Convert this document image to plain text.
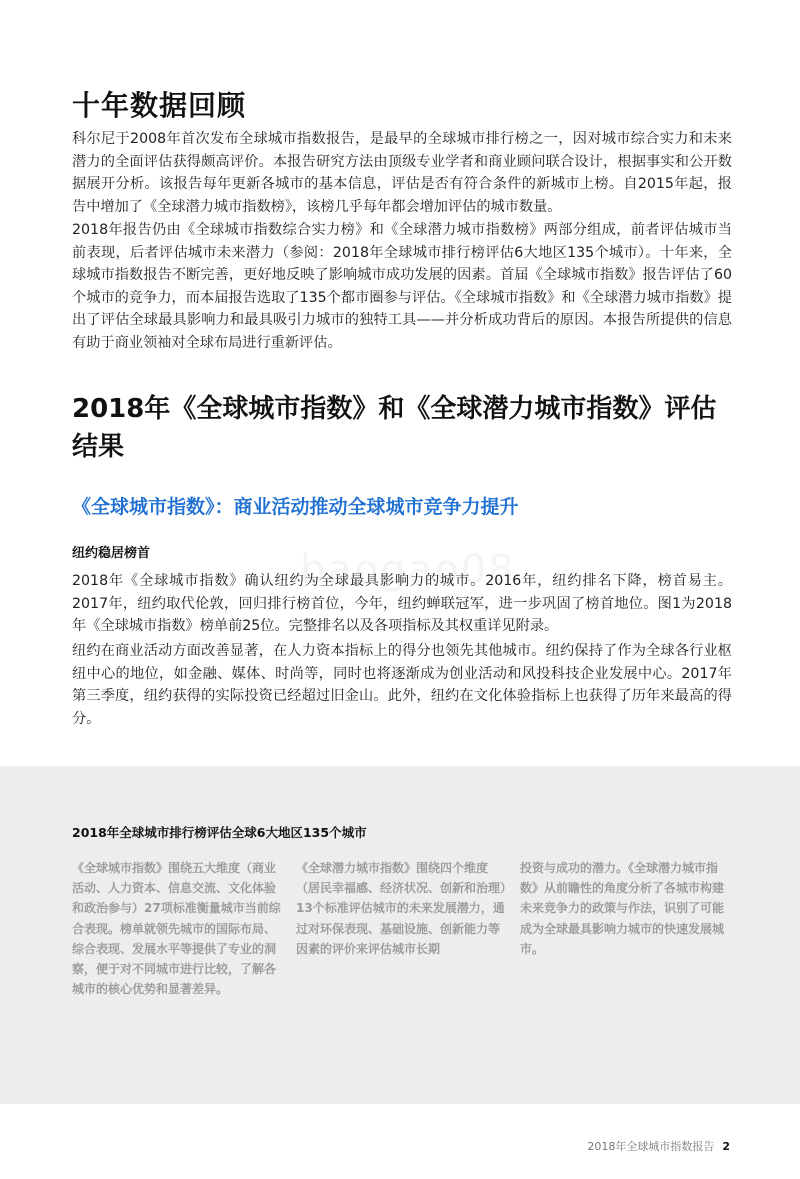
十年数据回顾

科尔尼于2008年首次发布全球城市指数报告，是最早的全球城市排行榜之一，因对城市综合实力和未来潜力的全面评估获得颇高评价。本报告研究方法由顶级专业学者和商业顾问联合设计，根据事实和公开数据展开分析。该报告每年更新各城市的基本信息，评估是否有符合条件的新城市上榜。自2015年起，报告中增加了《全球潜力城市指数榜》，该榜几乎每年都会增加评估的城市数量。

2018年报告仍由《全球城市指数综合实力榜》和《全球潜力城市指数榜》两部分组成，前者评估城市当前表现，后者评估城市未来潜力（参阅：2018年全球城市排行榜评估6大地区135个城市）。十年来，全球城市指数报告不断完善，更好地反映了影响城市成功发展的因素。首届《全球城市指数》报告评估了60个城市的竞争力，而本届报告选取了135个都市圈参与评估。《全球城市指数》和《全球潜力城市指数》提出了评估全球最具影响力和最具吸引力城市的独特工具——并分析成功背后的原因。本报告所提供的信息有助于商业领袖对全球布局进行重新评估。

2018年《全球城市指数》和《全球潜力城市指数》评估结果
《全球城市指数》：商业活动推动全球城市竞争力提升
纽约稳居榜首

2018年《全球城市指数》确认纽约为全球最具影响力的城市。2016年，纽约排名下降，榜首易主。2017年，纽约取代伦敦，回归排行榜首位，今年，纽约蝉联冠军，进一步巩固了榜首地位。图1为2018年《全球城市指数》榜单前25位。完整排名以及各项指标及其权重详见附录。

纽约在商业活动方面改善显著，在人力资本指标上的得分也领先其他城市。纽约保持了作为全球各行业枢纽中心的地位，如金融、媒体、时尚等，同时也将逐渐成为创业活动和风投科技企业发展中心。2017年第三季度，纽约获得的实际投资已经超过旧金山。此外，纽约在文化体验指标上也获得了历年来最高的得分。

2018年全球城市排行榜评估全球6大地区135个城市

《全球城市指数》围绕五大维度（商业活动、人力资本、信息交流、文化体验和政治参与）27项标准衡量城市当前综合表现。榜单就领先城市的国际布局、综合表现、发展水平等提供了专业的洞察，便于对不同城市进行比较，了解各城市的核心优势和显著差异。

《全球潜力城市指数》围绕四个维度（居民幸福感、经济状况、创新和治理）13个标准评估城市的未来发展潜力，通过对环保表现、基础设施、创新能力等因素的评价来评估城市长期

投资与成功的潜力。《全球潜力城市指数》从前瞻性的角度分析了各城市构建未来竞争力的政策与作法，识别了可能成为全球最具影响力城市的快速发展城市。

2018年全球城市指数报告 2
